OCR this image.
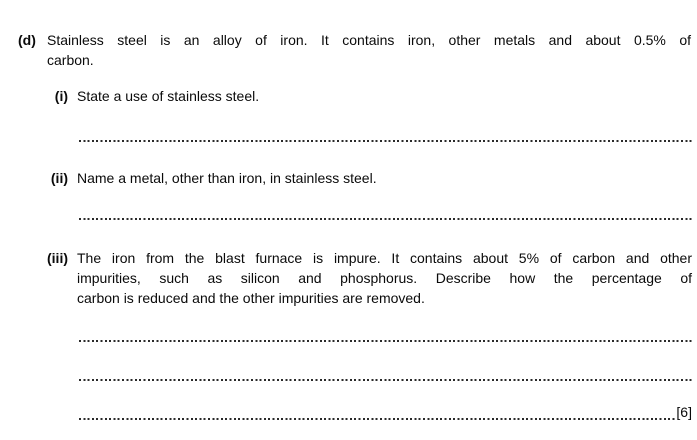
(d) Stainless steel is an alloy of iron. It contains iron, other metals and about 0.5% of
carbon.
(i) State a use of stainless steel.
(ii) Name a metal, other than iron, in stainless steel.
(iii) The iron from the blast furnace is impure. It contains about 5% of carbon and other
impurities, such as silicon and phosphorus. Describe how the percentage of
carbon is reduced and the other impurities are removed.
[6]
